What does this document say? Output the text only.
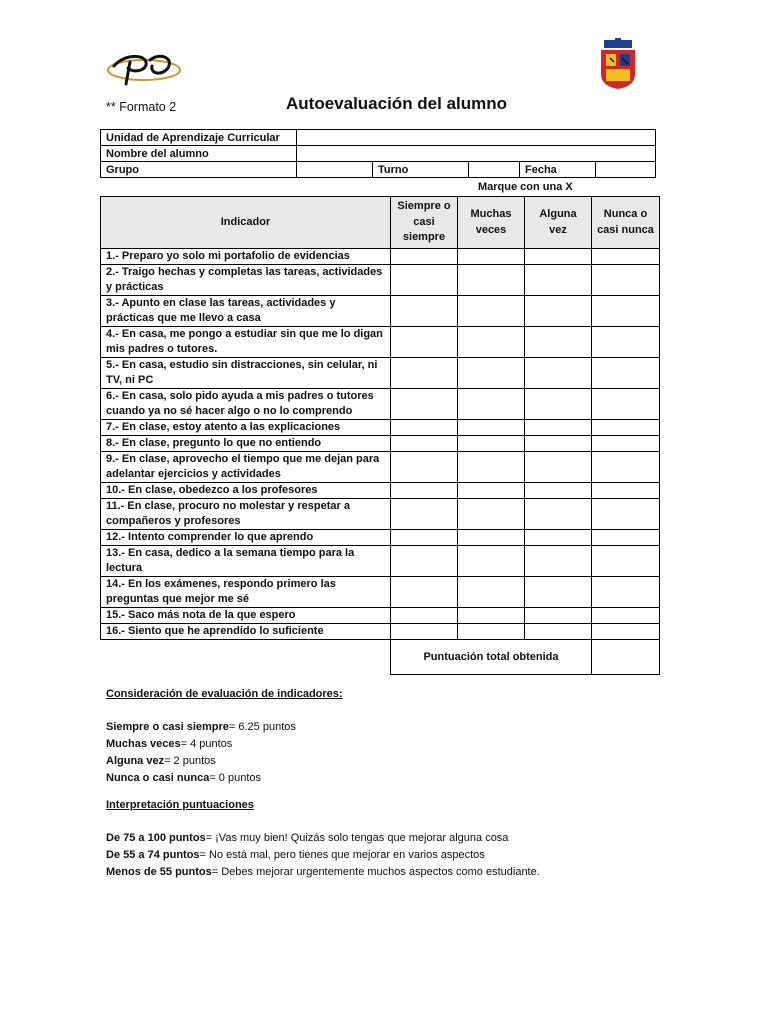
** Formato 2	Autoevaluación del alumno
Unidad de Aprendizaje Curricular					
Nombre del alumno					
Grupo		Turno		Fecha	
Marque con una X
Indicador	Siempre o casi siempre	Muchas veces	Alguna vez	Nunca o casi nunca
1.- Preparo yo solo mi portafolio de evidencias				
2.- Traigo hechas y completas las tareas, actividades y prácticas				
3.- Apunto en clase las tareas, actividades y prácticas que me llevo a casa				
4.- En casa, me pongo a estudiar sin que me lo digan mis padres o tutores.				
5.- En casa, estudio sin distracciones, sin celular, ni TV, ni PC				
6.- En casa, solo pido ayuda a mis padres o tutores cuando ya no sé hacer algo o no lo comprendo				
7.- En clase, estoy atento a las explicaciones				
8.- En clase, pregunto lo que no entiendo				
9.- En clase, aprovecho el tiempo que me dejan para adelantar ejercicios y actividades				
10.- En clase, obedezco a los profesores				
11.- En clase, procuro no molestar y respetar a compañeros y profesores				
12.- Intento comprender lo que aprendo				
13.- En casa, dedico a la semana tiempo para la lectura				
14.- En los exámenes, respondo primero las preguntas que mejor me sé				
15.- Saco más nota de la que espero				
16.- Siento que he aprendido lo suficiente				
	Puntuación total obtenida			

Consideración de evaluación de indicadores:

Siempre o casi siempre= 6.25 puntos

Muchas veces= 4 puntos

Alguna vez= 2 puntos

Nunca o casi nunca= 0 puntos

Interpretación puntuaciones

De 75 a 100 puntos= ¡Vas muy bien! Quizás solo tengas que mejorar alguna cosa

De 55 a 74 puntos= No está mal, pero tienes que mejorar en varios aspectos

Menos de 55 puntos= Debes mejorar urgentemente muchos aspectos como estudiante.
